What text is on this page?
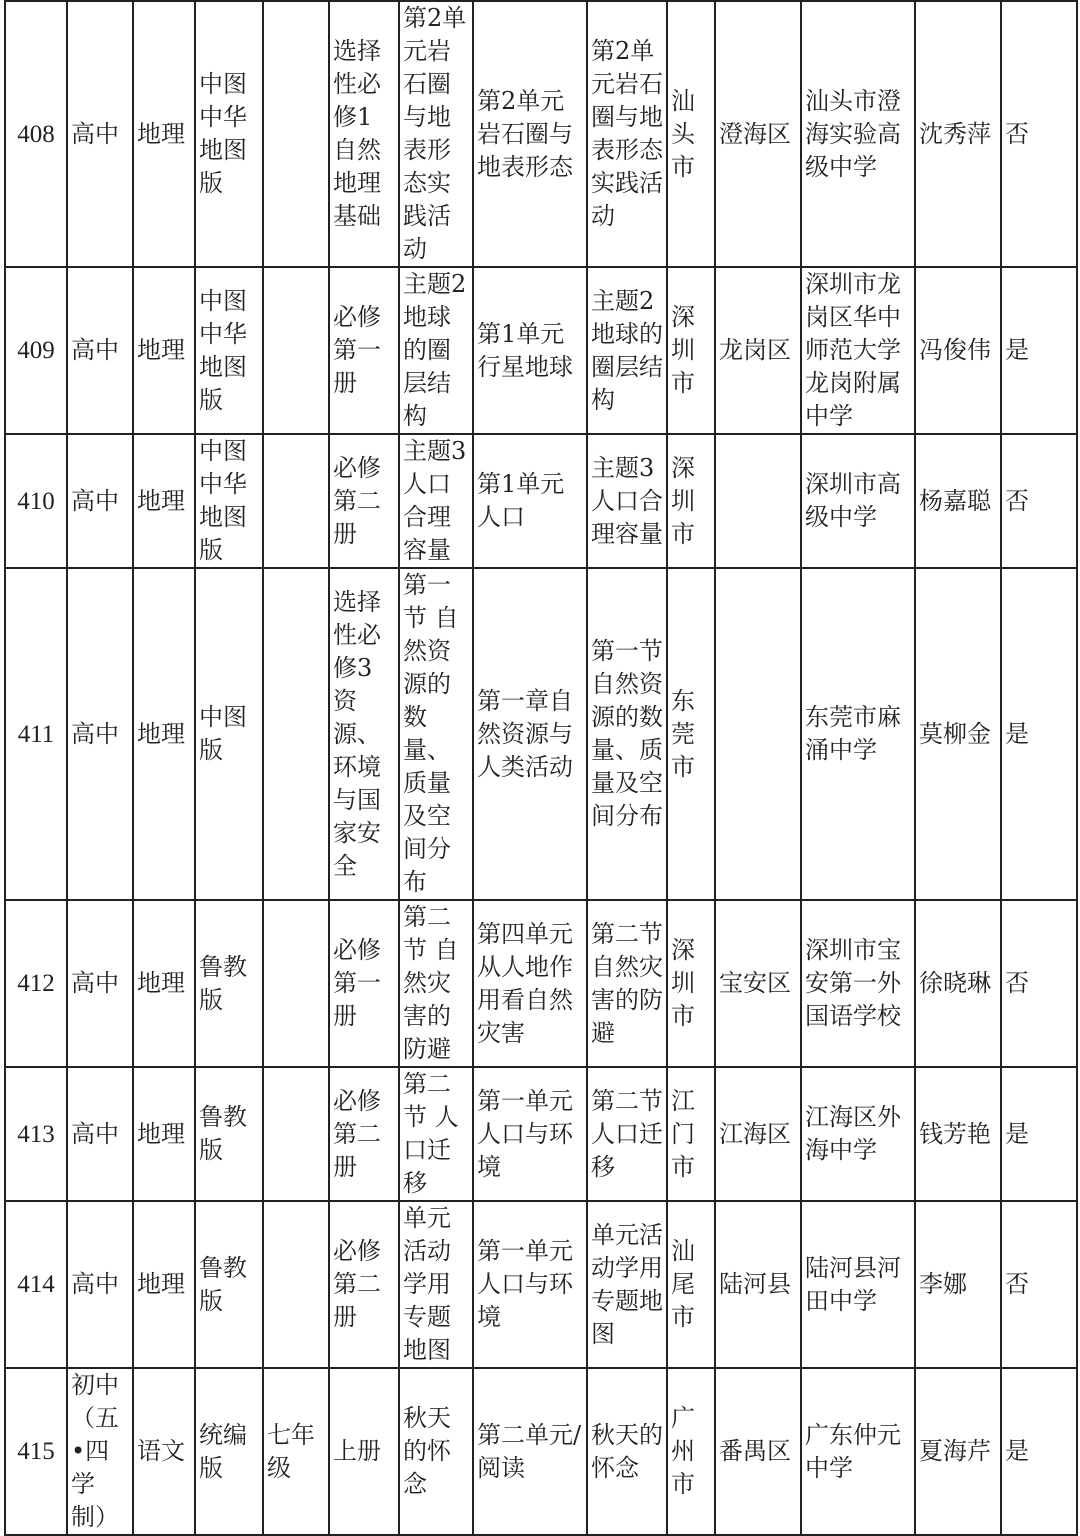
408	高中	地理	中图中华地图版		选择性必修1自然地理基础	第2单元岩石圈与地表形态实践活动	第2单元岩石圈与地表形态	第2单元岩石圈与地表形态实践活动	汕头市	澄海区	汕头市澄海实验高级中学	沈秀萍	否
409	高中	地理	中图中华地图版		必修第一册	主题2地球的圈层结构	第1单元行星地球	主题2地球的圈层结构	深圳市	龙岗区	深圳市龙岗区华中师范大学龙岗附属中学	冯俊伟	是
410	高中	地理	中图中华地图版		必修第二册	主题3人口合理容量	第1单元人口	主题3人口合理容量	深圳市		深圳市高级中学	杨嘉聪	否
411	高中	地理	中图版		选择性必修3资源、环境与国家安全	第一节 自然资源的数量、质量及空间分布	第一章自然资源与人类活动	第一节 自然资源的数量、质量及空间分布	东莞市		东莞市麻涌中学	莫柳金	是
412	高中	地理	鲁教版		必修第一册	第二节 自然灾害的防避	第四单元从人地作用看自然灾害	第二节 自然灾害的防避	深圳市	宝安区	深圳市宝安第一外国语学校	徐晓琳	否
413	高中	地理	鲁教版		必修第二册	第二节 人口迁移	第一单元人口与环境	第二节 人口迁移	江门市	江海区	江海区外海中学	钱芳艳	是
414	高中	地理	鲁教版		必修第二册	单元活动学用专题地图	第一单元人口与环境	单元活动学用专题地图	汕尾市	陆河县	陆河县河田中学	李娜	否
415	初中（五•四学制）	语文	统编版	七年级	上册	秋天的怀念	第二单元/阅读	秋天的怀念	广州市	番禺区	广东仲元中学	夏海芹	是
